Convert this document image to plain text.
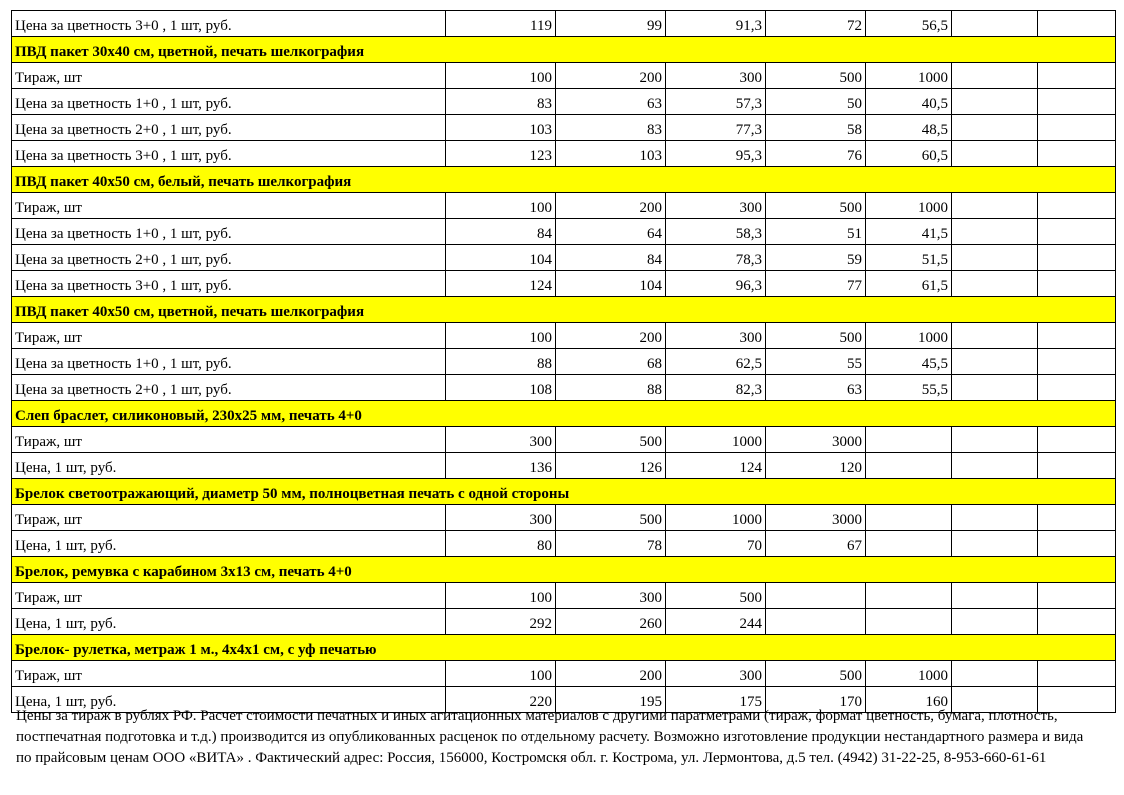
Цена за цветность 3+0 , 1 шт, руб.	119	99	91,3	72	56,5		
ПВД пакет 30х40 см, цветной, печать шелкография							
Тираж, шт	100	200	300	500	1000		
Цена за цветность 1+0 , 1 шт, руб.	83	63	57,3	50	40,5		
Цена за цветность 2+0 , 1 шт, руб.	103	83	77,3	58	48,5		
Цена за цветность 3+0 , 1 шт, руб.	123	103	95,3	76	60,5		
ПВД пакет 40х50 см, белый, печать шелкография							
Тираж, шт	100	200	300	500	1000		
Цена за цветность 1+0 , 1 шт, руб.	84	64	58,3	51	41,5		
Цена за цветность 2+0 , 1 шт, руб.	104	84	78,3	59	51,5		
Цена за цветность 3+0 , 1 шт, руб.	124	104	96,3	77	61,5		
ПВД пакет 40х50 см, цветной, печать шелкография							
Тираж, шт	100	200	300	500	1000		
Цена за цветность 1+0 , 1 шт, руб.	88	68	62,5	55	45,5		
Цена за цветность 2+0 , 1 шт, руб.	108	88	82,3	63	55,5		
Слеп браслет, силиконовый, 230х25 мм, печать 4+0							
Тираж, шт	300	500	1000	3000			
Цена, 1 шт, руб.	136	126	124	120			
Брелок светоотражающий, диаметр 50 мм, полноцветная печать с одной стороны							
Тираж, шт	300	500	1000	3000			
Цена, 1 шт, руб.	80	78	70	67			
Брелок, ремувка с карабином 3х13 см, печать 4+0							
Тираж, шт	100	300	500				
Цена, 1 шт, руб.	292	260	244				
Брелок- рулетка, метраж 1 м., 4х4х1 см, с уф печатью							
Тираж, шт	100	200	300	500	1000		
Цена, 1 шт, руб.	220	195	175	170	160		

Цены за тираж в рублях РФ. Расчет стоимости печатных и иных агитационных материалов с другими паратметрами (тираж, формат цветность, бумага, плотность, постпечатная подготовка и т.д.) производится из опубликованных расценок по отдельному расчету. Возможно изготовление продукции нестандартного размера и вида по прайсовым ценам ООО «ВИТА» . Фактический адрес: Россия, 156000, Костромскя обл. г. Кострома, ул. Лермонтова, д.5 тел. (4942) 31-22-25, 8-953-660-61-61
